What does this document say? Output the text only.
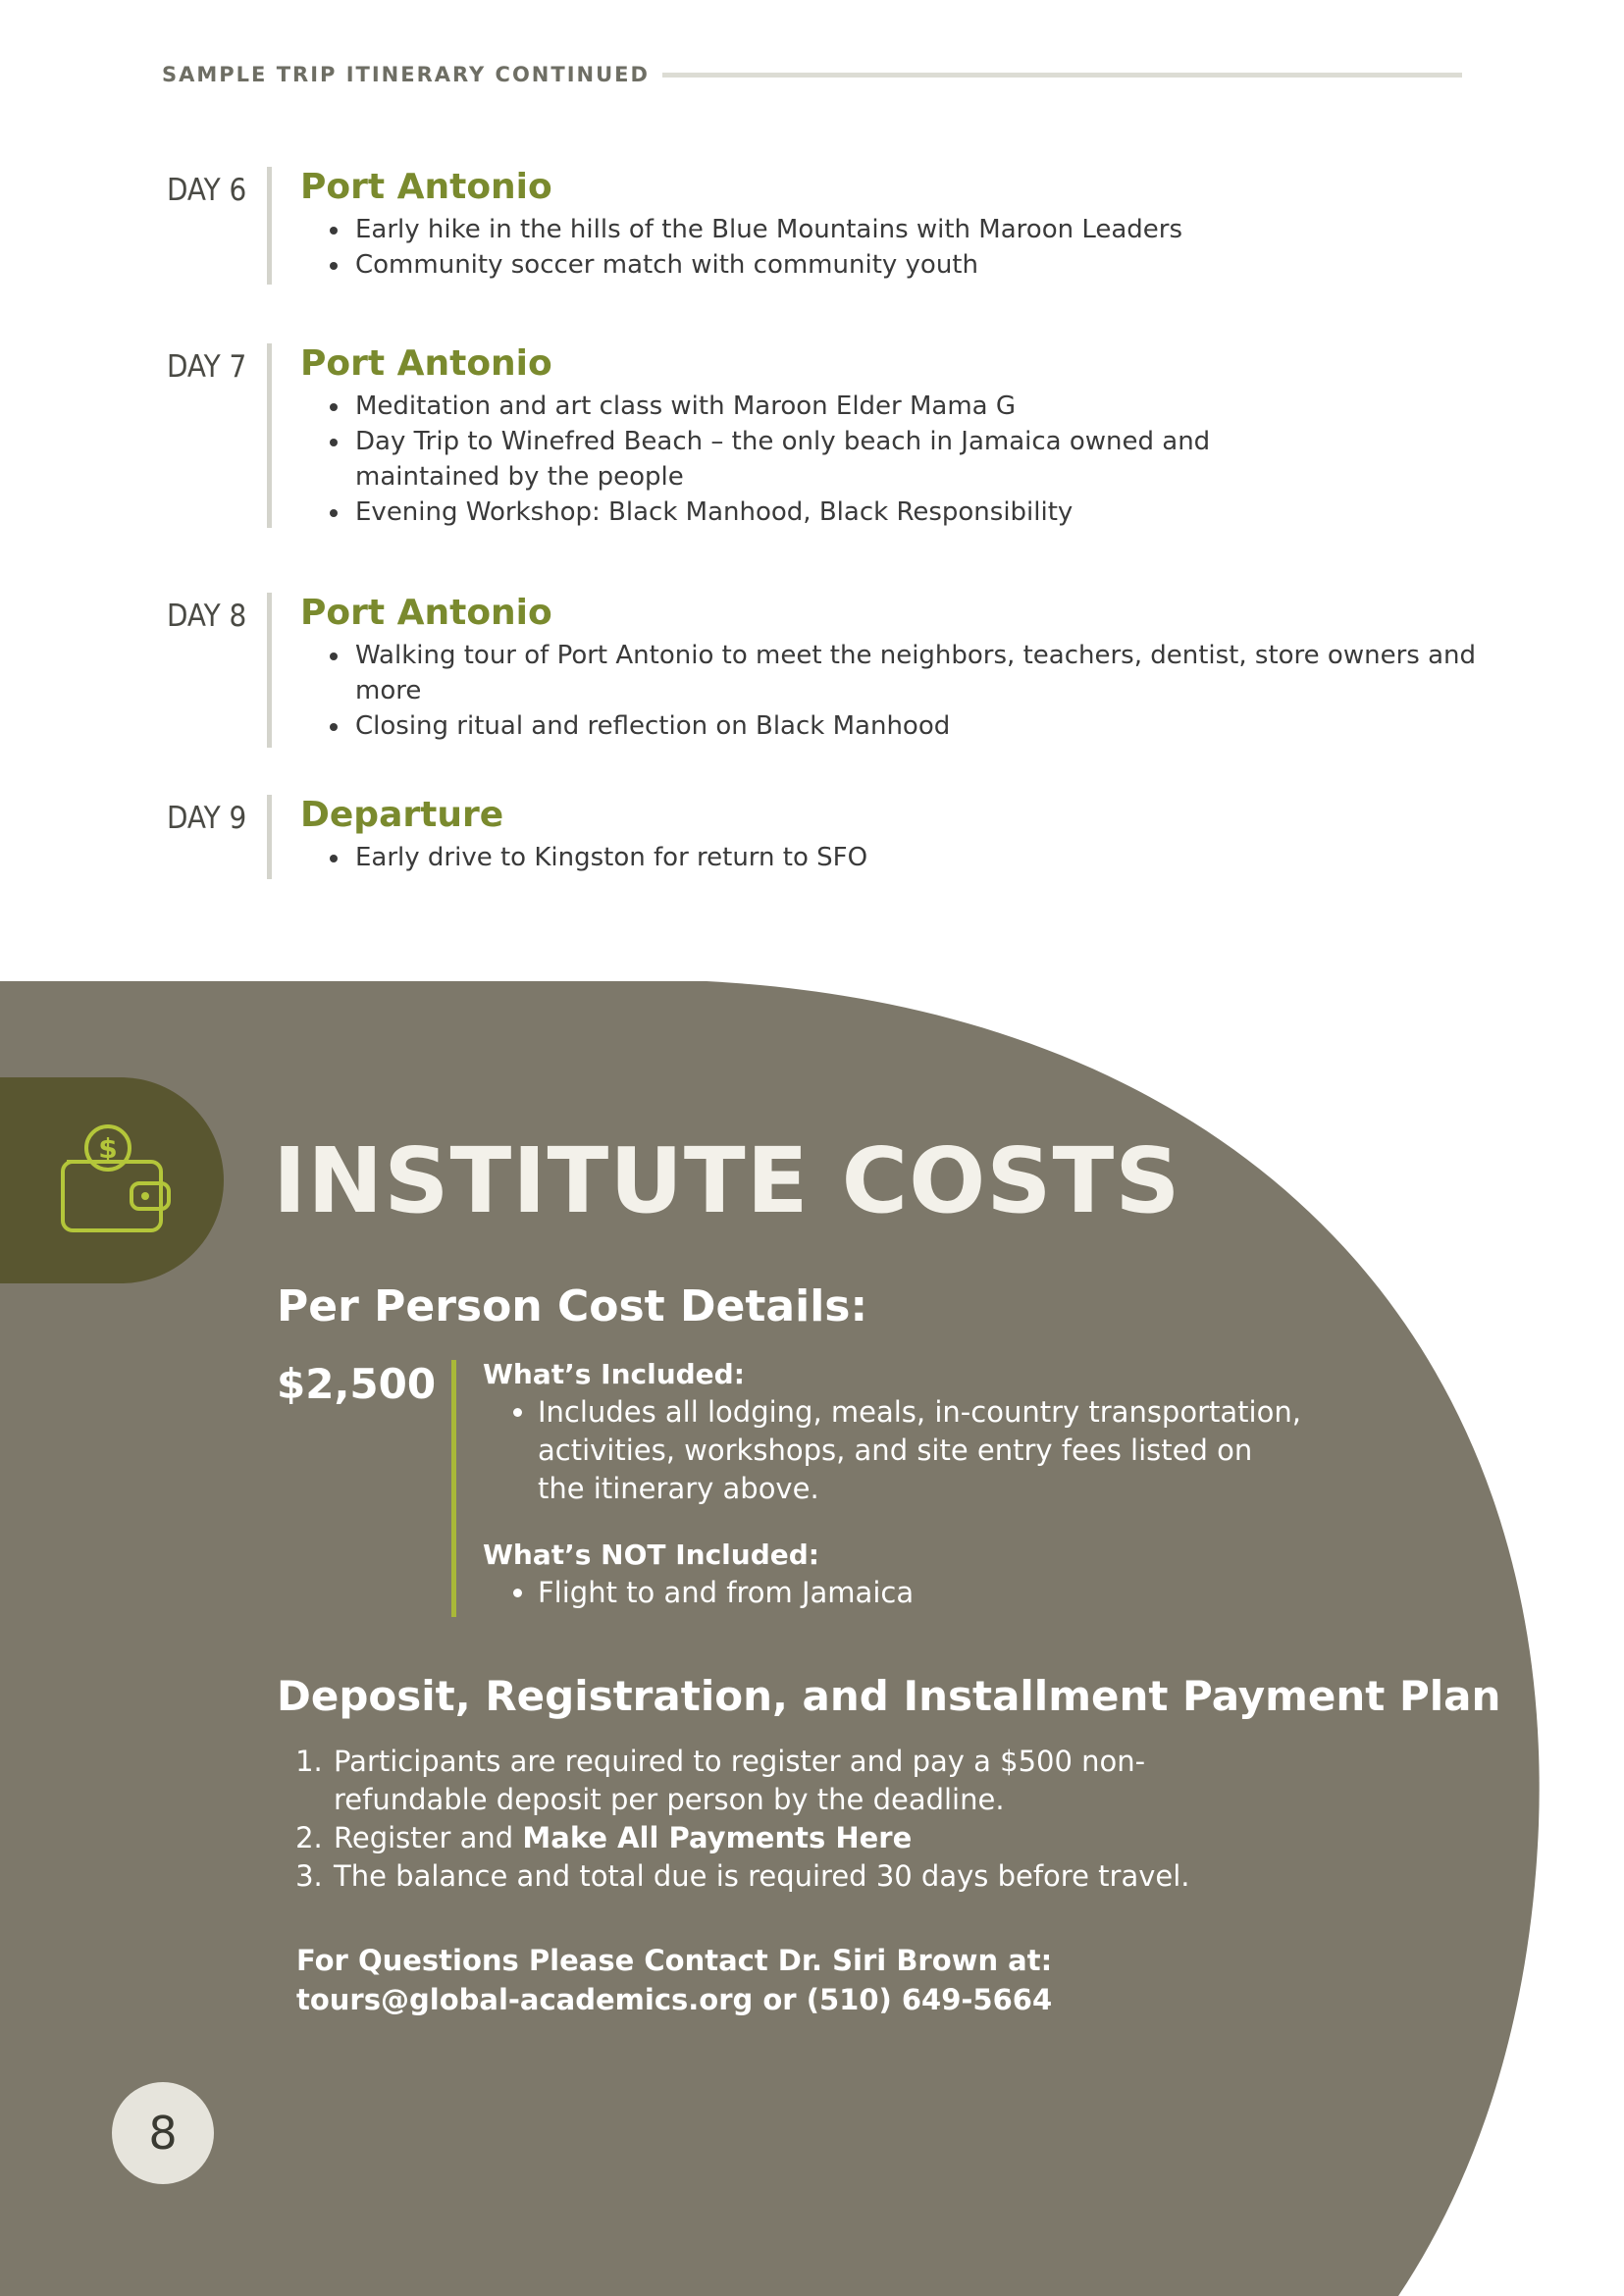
SAMPLE TRIP ITINERARY CONTINUED
DAY 6 Port Antonio
• Early hike in the hills of the Blue Mountains with Maroon Leaders
• Community soccer match with community youth
DAY 7 Port Antonio
• Meditation and art class with Maroon Elder Mama G
• Day Trip to Winefred Beach – the only beach in Jamaica owned and maintained by the people
• Evening Workshop: Black Manhood, Black Responsibility
DAY 8 Port Antonio
• Walking tour of Port Antonio to meet the neighbors, teachers, dentist, store owners and more
• Closing ritual and reflection on Black Manhood
DAY 9 Departure
• Early drive to Kingston for return to SFO
$ INSTITUTE COSTS
Per Person Cost Details:
$2,500 What’s Included:
• Includes all lodging, meals, in-country transportation, activities, workshops, and site entry fees listed on the itinerary above.
What’s NOT Included:
• Flight to and from Jamaica
Deposit, Registration, and Installment Payment Plan
1. Participants are required to register and pay a $500 non-refundable deposit per person by the deadline.
2. Register and Make All Payments Here
3. The balance and total due is required 30 days before travel.
For Questions Please Contact Dr. Siri Brown at:
tours@global-academics.org or (510) 649-5664
8
